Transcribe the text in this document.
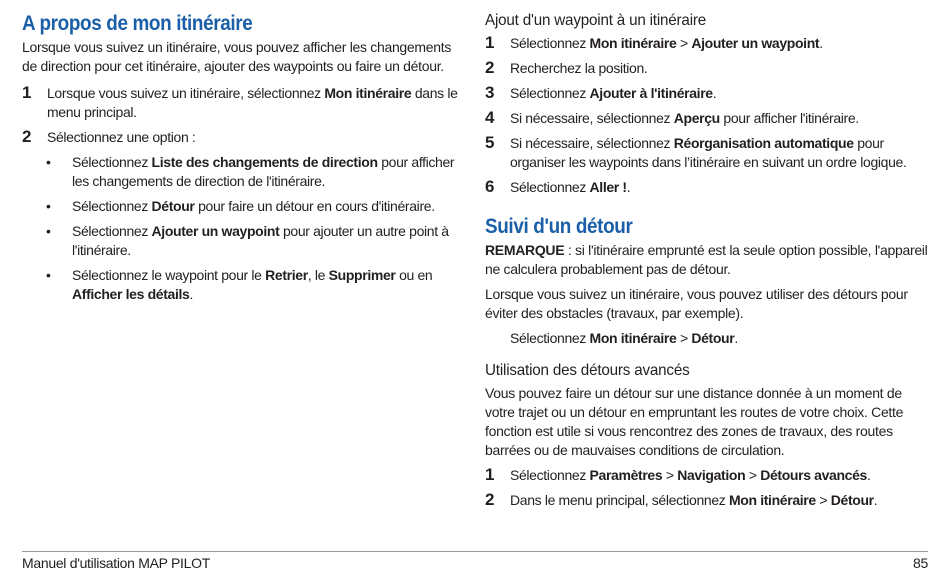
A propos de mon itinéraire

Lorsque vous suivez un itinéraire, vous pouvez afficher les changements de direction pour cet itinéraire, ajouter des waypoints ou faire un détour.

1 Lorsque vous suivez un itinéraire, sélectionnez Mon itinéraire dans le menu principal.
2 Sélectionnez une option :
• Sélectionnez Liste des changements de direction pour afficher les changements de direction de l'itinéraire.
• Sélectionnez Détour pour faire un détour en cours d'itinéraire.
• Sélectionnez Ajouter un waypoint pour ajouter un autre point à l'itinéraire.
• Sélectionnez le waypoint pour le Retrier, le Supprimer ou en Afficher les détails.
Ajout d'un waypoint à un itinéraire
1 Sélectionnez Mon itinéraire > Ajouter un waypoint.
2 Recherchez la position.
3 Sélectionnez Ajouter à l'itinéraire.
4 Si nécessaire, sélectionnez Aperçu pour afficher l'itinéraire.
5 Si nécessaire, sélectionnez Réorganisation automatique pour organiser les waypoints dans l’itinéraire en suivant un ordre logique.
6 Sélectionnez Aller !.
Suivi d'un détour

REMARQUE : si l'itinéraire emprunté est la seule option possible, l'appareil ne calculera probablement pas de détour.

Lorsque vous suivez un itinéraire, vous pouvez utiliser des détours pour éviter des obstacles (travaux, par exemple).

Sélectionnez Mon itinéraire > Détour.
Utilisation des détours avancés

Vous pouvez faire un détour sur une distance donnée à un moment de votre trajet ou un détour en empruntant les routes de votre choix. Cette fonction est utile si vous rencontrez des zones de travaux, des routes barrées ou de mauvaises conditions de circulation.

1 Sélectionnez Paramètres > Navigation > Détours avancés.
2 Dans le menu principal, sélectionnez Mon itinéraire > Détour.
Manuel d'utilisation MAP PILOT	85
